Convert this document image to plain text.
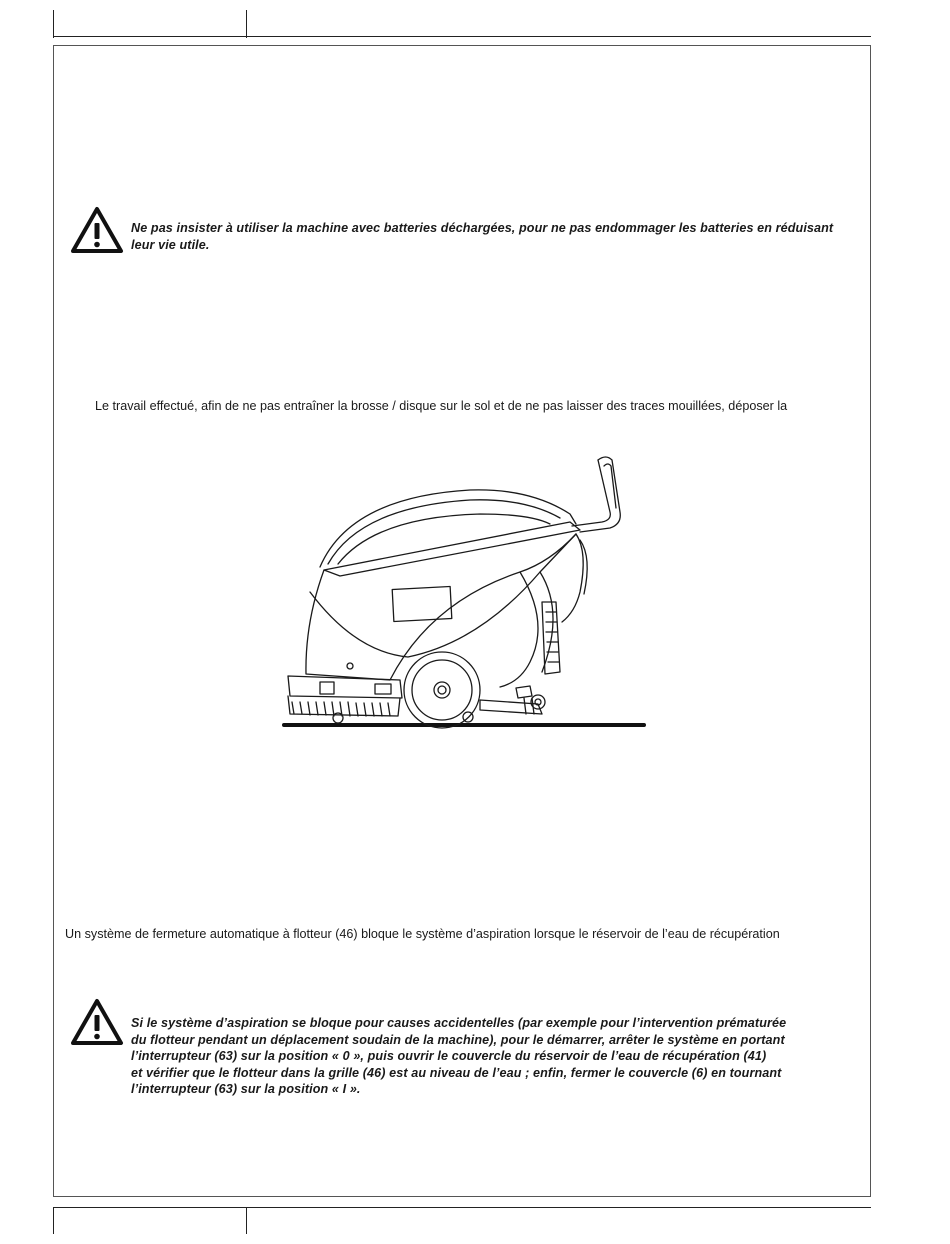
Ne pas insister à utiliser la machine avec batteries déchargées, pour ne pas endommager les batteries en réduisant leur vie utile.
Le travail effectué, afin de ne pas entraîner la brosse / disque sur le sol et de ne pas laisser des traces mouillées, déposer la
Un système de fermeture automatique à flotteur (46) bloque le système d’aspiration lorsque le réservoir de l’eau de récupération
Si le système d’aspiration se bloque pour causes accidentelles (par exemple pour l’intervention prématurée
du flotteur pendant un déplacement soudain de la machine), pour le démarrer, arrêter le système en portant
l’interrupteur (63) sur la position « 0 », puis ouvrir le couvercle du réservoir de l’eau de récupération (41)
et vérifier que le flotteur dans la grille (46) est au niveau de l’eau ; enfin, fermer le couvercle (6) en tournant
l’interrupteur (63) sur la position « I ».
